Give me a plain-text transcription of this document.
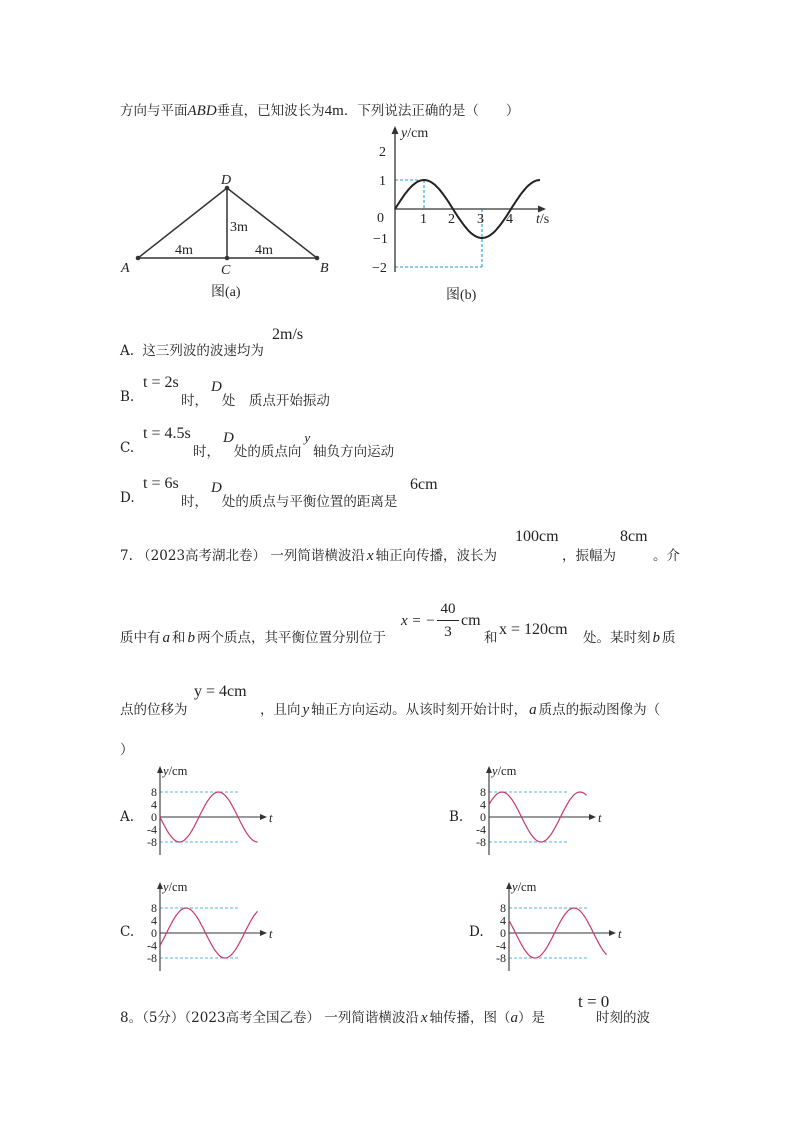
方向与平面ABD垂直，已知波长为4m．下列说法正确的是（　　）
A	B
C
D
4m	4m
3m
图(a)
y/cm
t/s
2
1
0
−1
−2
1 2 3 4
图(b)
A. 这三列波的波速均为
2m/s
B.
t = 2s
时，D处　质点开始振动
C.
t = 4.5s
时，D处的质点向y轴负方向运动
D.
t = 6s
时，D处的质点与平衡位置的距离是
6cm
7. （2023高考湖北卷） 一列简谐横波沿 x 轴正向传播，波长为
100cm
，振幅为
8cm
。介
质中有 a 和 b 两个质点，其平衡位置分别位于
x = −
40
3
cm
和 x = 120cm 处。某时刻 b 质
点的位移为
y = 4cm
，且向 y 轴正方向运动。从该时刻开始计时， a 质点的振动图像为（
）
A.
y/cm
t
8
4
0
-4
-8
B.
y/cm
t
8
4
0
-4
-8
C.
y/cm
t
8
4
0
-4
-8
D.
y/cm
t
8
4
0
-4
-8
8。（5分）（2023高考全国乙卷） 一列简谐横波沿 x 轴传播，图（a）是
t = 0
时刻的波
